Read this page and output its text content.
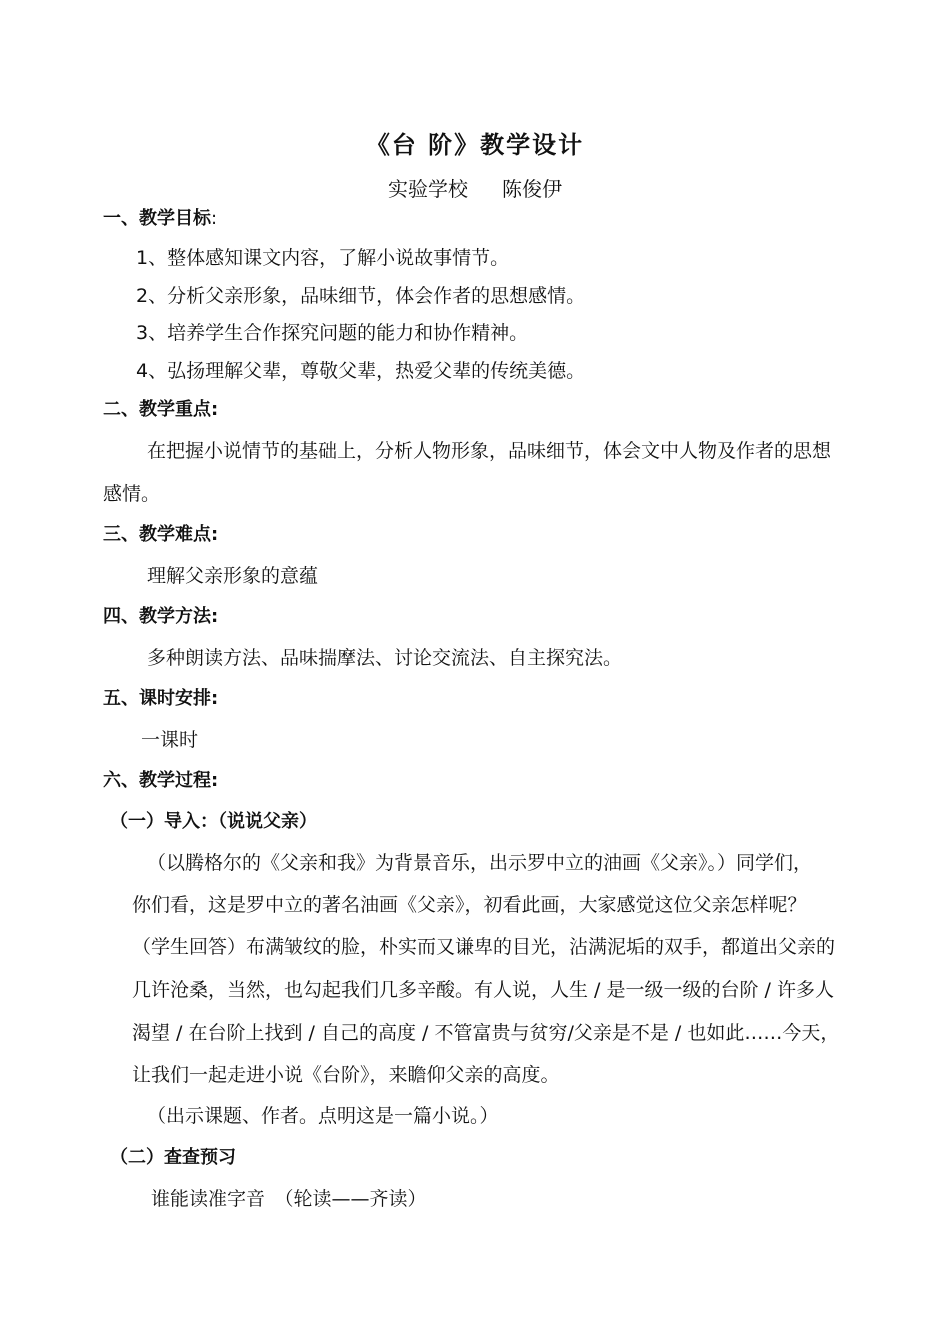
《台 阶》教学设计
实验学校 陈俊伊
一、教学目标:
1、整体感知课文内容，了解小说故事情节。
2、分析父亲形象，品味细节，体会作者的思想感情。
3、培养学生合作探究问题的能力和协作精神。
4、弘扬理解父辈，尊敬父辈，热爱父辈的传统美德。
二、教学重点:
在把握小说情节的基础上，分析人物形象，品味细节，体会文中人物及作者的思想
感情。
三、教学难点:
理解父亲形象的意蕴
四、教学方法:
多种朗读方法、品味揣摩法、讨论交流法、自主探究法。
五、课时安排:
一课时
六、教学过程:
（一）导入：（说说父亲）
（以腾格尔的《父亲和我》为背景音乐，出示罗中立的油画《父亲》。）同学们，
你们看，这是罗中立的著名油画《父亲》，初看此画，大家感觉这位父亲怎样呢？
（学生回答）布满皱纹的脸，朴实而又谦卑的目光，沾满泥垢的双手，都道出父亲的
几许沧桑，当然，也勾起我们几多辛酸。有人说，人生 / 是一级一级的台阶 / 许多人
渴望 / 在台阶上找到 / 自己的高度 / 不管富贵与贫穷/父亲是不是 / 也如此……今天，
让我们一起走进小说《台阶》，来瞻仰父亲的高度。
（出示课题、作者。点明这是一篇小说。）
（二）查查预习
谁能读准字音　（轮读——齐读）
